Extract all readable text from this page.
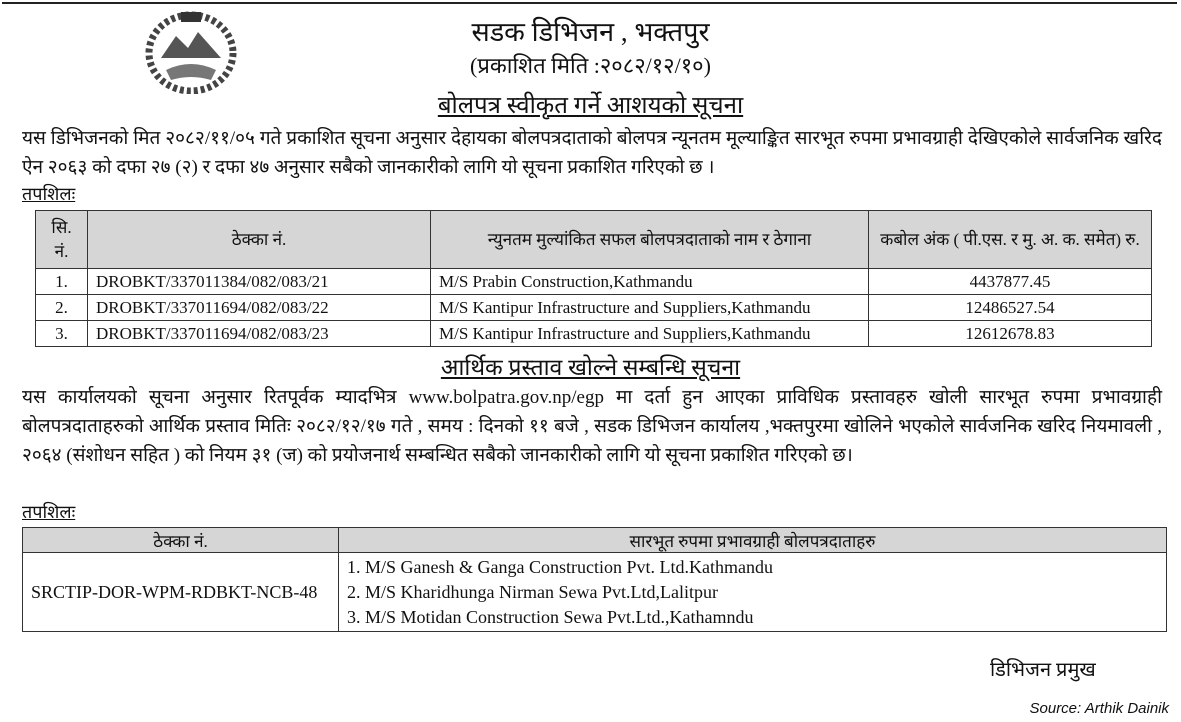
सडक डिभिजन , भक्तपुर
(प्रकाशित मिति :२०८२/१२/१०)
बोलपत्र स्वीकृत गर्ने आशयको सूचना
यस डिभिजनको मित २०८२/११/०५ गते प्रकाशित सूचना अनुसार देहायका बोलपत्रदाताको बोलपत्र न्यूनतम मूल्याङ्कित सारभूत रुपमा प्रभावग्राही देखिएकोले सार्वजनिक खरिद ऐन २०६३ को दफा २७ (२) र दफा ४७ अनुसार सबैको जानकारीको लागि यो सूचना प्रकाशित गरिएको छ ।
तपशिलः
सि. नं.	ठेक्का नं.	न्युनतम मुल्यांकित सफल बोलपत्रदाताको नाम र ठेगाना	कबोल अंक ( पी.एस. र मु. अ. क. समेत) रु.
1.	DROBKT/337011384/082/083/21	M/S Prabin Construction,Kathmandu	4437877.45
2.	DROBKT/337011694/082/083/22	M/S Kantipur Infrastructure and Suppliers,Kathmandu	12486527.54
3.	DROBKT/337011694/082/083/23	M/S Kantipur Infrastructure and Suppliers,Kathmandu	12612678.83
आर्थिक प्रस्ताव खोल्ने सम्बन्धि सूचना
यस कार्यालयको सूचना अनुसार रितपूर्वक म्यादभित्र www.bolpatra.gov.np/egp मा दर्ता हुन आएका प्राविधिक प्रस्तावहरु खोली सारभूत रुपमा प्रभावग्राही बोलपत्रदाताहरुको आर्थिक प्रस्ताव मितिः २०८२/१२/१७ गते , समय : दिनको ११ बजे , सडक डिभिजन कार्यालय ,भक्तपुरमा खोलिने भएकोले सार्वजनिक खरिद नियमावली , २०६४ (संशोधन सहित ) को नियम ३१ (ज) को प्रयोजनार्थ सम्बन्धित सबैको जानकारीको लागि यो सूचना प्रकाशित गरिएको छ।
तपशिलः
ठेक्का नं.	सारभूत रुपमा प्रभावग्राही बोलपत्रदाताहरु

SRCTIP-DOR-WPM-RDBKT-NCB-48	1. M/S Ganesh & Ganga Construction Pvt. Ltd.Kathmandu
2. M/S Kharidhunga Nirman Sewa Pvt.Ltd,Lalitpur
3. M/S Motidan Construction Sewa Pvt.Ltd.,Kathamndu
डिभिजन प्रमुख
Source: Arthik Dainik
